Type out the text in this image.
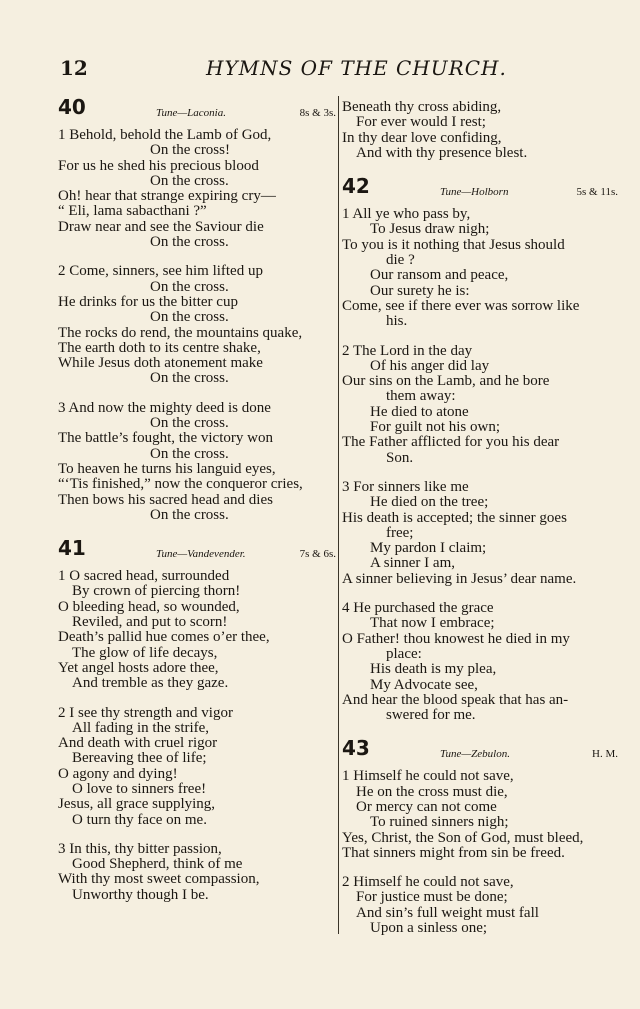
12	HYMNS OF THE CHURCH.
40	Tune—Laconia.	8s & 3s.
1 Behold, behold the Lamb of God,
On the cross!
For us he shed his precious blood
On the cross.
Oh! hear that strange expiring cry—
“ Eli, lama sabacthani ?”
Draw near and see the Saviour die
On the cross.
2 Come, sinners, see him lifted up
On the cross.
He drinks for us the bitter cup
On the cross.
The rocks do rend, the mountains quake,
The earth doth to its centre shake,
While Jesus doth atonement make
On the cross.
3 And now the mighty deed is done
On the cross.
The battle’s fought, the victory won
On the cross.
To heaven he turns his languid eyes,
“‘Tis finished,” now the conqueror cries,
Then bows his sacred head and dies
On the cross.
41	Tune—Vandevender.	7s & 6s.
1 O sacred head, surrounded
By crown of piercing thorn!
O bleeding head, so wounded,
Reviled, and put to scorn!
Death’s pallid hue comes o’er thee,
The glow of life decays,
Yet angel hosts adore thee,
And tremble as they gaze.
2 I see thy strength and vigor
All fading in the strife,
And death with cruel rigor
Bereaving thee of life;
O agony and dying!
O love to sinners free!
Jesus, all grace supplying,
O turn thy face on me.
3 In this, thy bitter passion,
Good Shepherd, think of me
With thy most sweet compassion,
Unworthy though I be.
Beneath thy cross abiding,
For ever would I rest;
In thy dear love confiding,
And with thy presence blest.
42	Tune—Holborn	5s & 11s.
1 All ye who pass by,
To Jesus draw nigh;
To you is it nothing that Jesus should
die ?
Our ransom and peace,
Our surety he is:
Come, see if there ever was sorrow like
his.
2 The Lord in the day
Of his anger did lay
Our sins on the Lamb, and he bore
them away:
He died to atone
For guilt not his own;
The Father afflicted for you his dear
Son.
3 For sinners like me
He died on the tree;
His death is accepted; the sinner goes
free;
My pardon I claim;
A sinner I am,
A sinner believing in Jesus’ dear name.
4 He purchased the grace
That now I embrace;
O Father! thou knowest he died in my
place:
His death is my plea,
My Advocate see,
And hear the blood speak that has an-
swered for me.
43	Tune—Zebulon.	H. M.
1 Himself he could not save,
He on the cross must die,
Or mercy can not come
To ruined sinners nigh;
Yes, Christ, the Son of God, must bleed,
That sinners might from sin be freed.
2 Himself he could not save,
For justice must be done;
And sin’s full weight must fall
Upon a sinless one;
